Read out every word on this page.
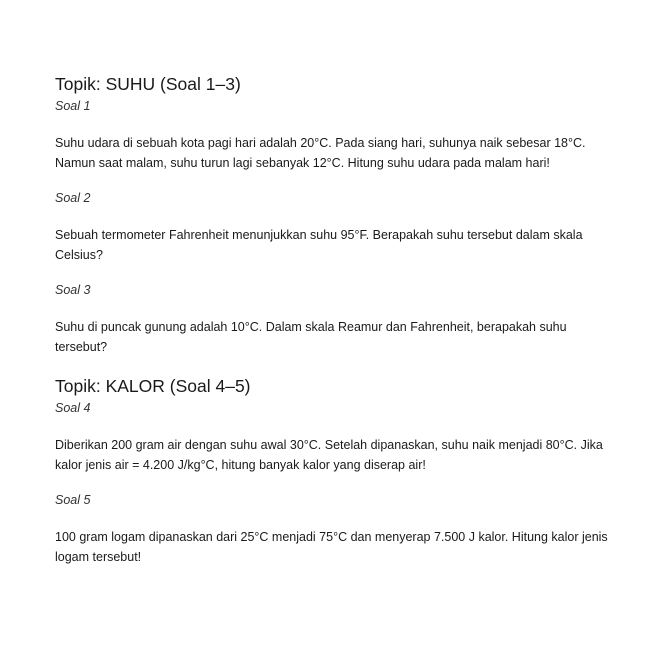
Topik: SUHU (Soal 1–3)
Soal 1

Suhu udara di sebuah kota pagi hari adalah 20°C. Pada siang hari, suhunya naik sebesar 18°C. Namun saat malam, suhu turun lagi sebanyak 12°C. Hitung suhu udara pada malam hari!

Soal 2

Sebuah termometer Fahrenheit menunjukkan suhu 95°F. Berapakah suhu tersebut dalam skala Celsius?

Soal 3

Suhu di puncak gunung adalah 10°C. Dalam skala Reamur dan Fahrenheit, berapakah suhu tersebut?

Topik: KALOR (Soal 4–5)
Soal 4

Diberikan 200 gram air dengan suhu awal 30°C. Setelah dipanaskan, suhu naik menjadi 80°C. Jika kalor jenis air = 4.200 J/kg°C, hitung banyak kalor yang diserap air!

Soal 5

100 gram logam dipanaskan dari 25°C menjadi 75°C dan menyerap 7.500 J kalor. Hitung kalor jenis logam tersebut!
